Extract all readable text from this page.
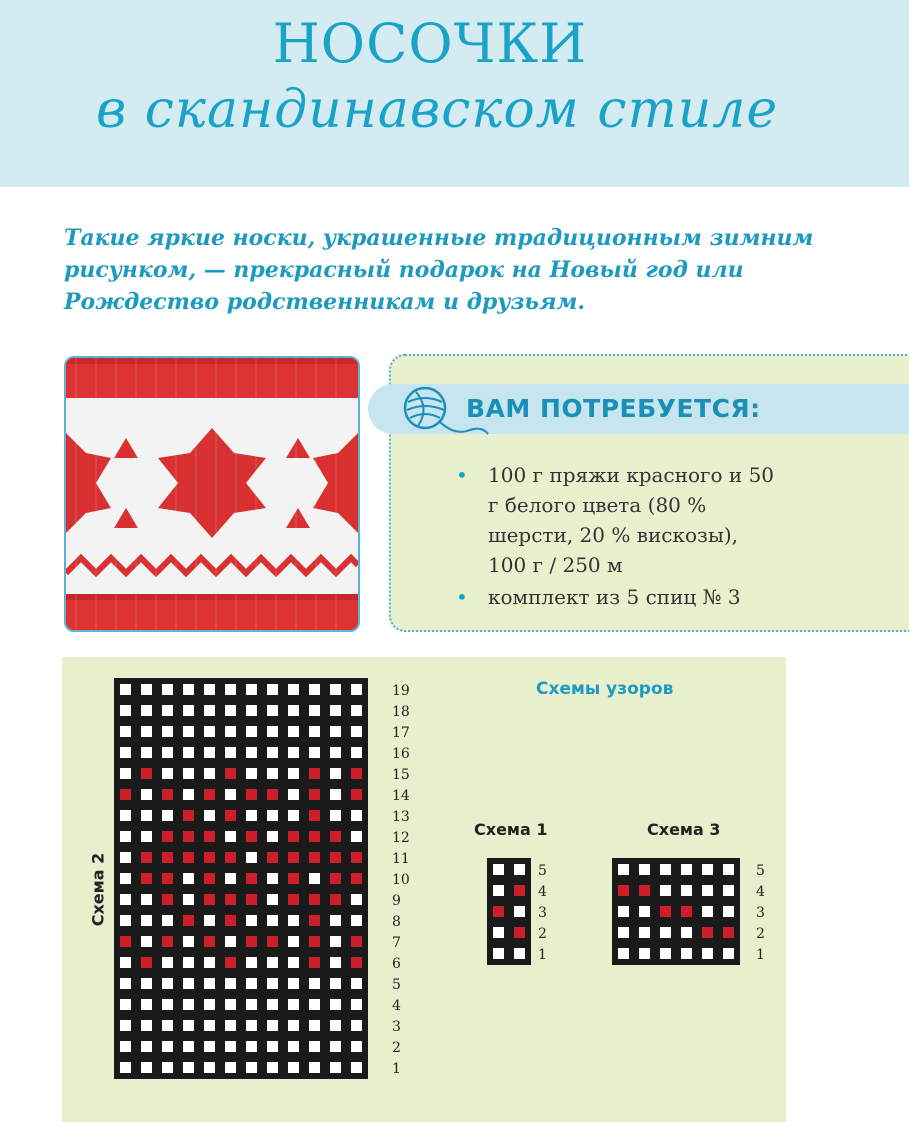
НОСОЧКИ
в скандинавском стиле
Такие яркие носки, украшенные традиционным зимним рисунком, — прекрасный подарок на Новый год или Рождество родственникам и друзьям.
ВАМ ПОТРЕБУЕТСЯ:
• 100 г пряжи красного и 50 г белого цвета (80 % шерсти, 20 % вискозы), 100 г / 250 м
• комплект из 5 спиц № 3
Схемы узоров
Схема 2
19
18
17
16
15
14
13
12
11
10
9
8
7
6
5
4
3
2
1
Схема 1
5
4
3
2
1
Схема 3
5
4
3
2
1
